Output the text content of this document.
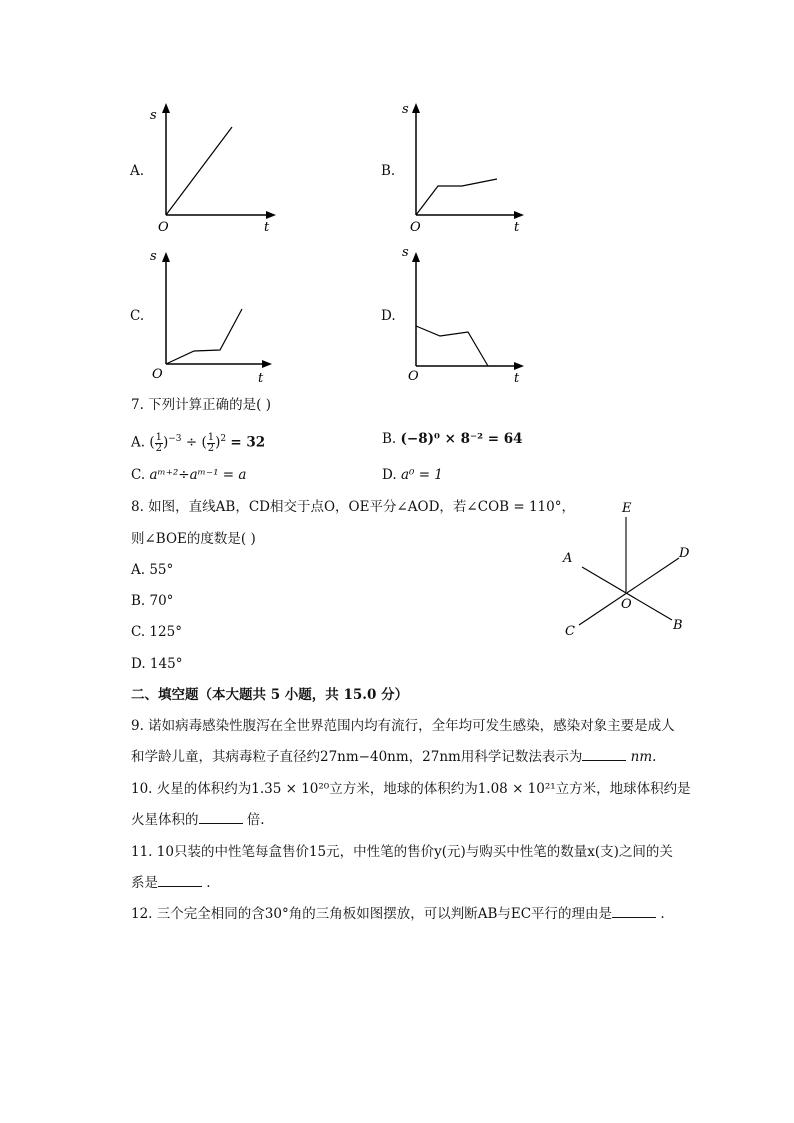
A.
s
O	t
B.
s
O	t
C.
s
O	t
D.
s
O	t
7. 下列计算正确的是( )
A. ( $\frac{1}{2} )^{-3}$ ÷ ( $\frac{1}{2} )^2 = 32$	B. (−8)⁰ × 8⁻² = 64
C. aᵐ⁺²÷aᵐ⁻¹ = a	D. a⁰ = 1
8. 如图，直线AB，CD相交于点O，OE平分∠AOD，若∠COB = 110°，
则∠BOE的度数是( )
A. 55°
B. 70°
C. 125°
D. 145°
E
A	D
O
C	B
二、填空题（本大题共 5 小题，共 15.0 分）
9. 诺如病毒感染性腹泻在全世界范围内均有流行，全年均可发生感染，感染对象主要是成人
和学龄儿童，其病毒粒子直径约27nm−40nm，27nm用科学记数法表示为	nm.
10. 火星的体积约为1.35 × 10²⁰立方米，地球的体积约为1.08 × 10²¹立方米，地球体积约是
火星体积的	倍.
11. 10只装的中性笔每盒售价15元，中性笔的售价y(元)与购买中性笔的数量x(支)之间的关
系是	.
12. 三个完全相同的含30°角的三角板如图摆放，可以判断AB与EC平行的理由是	.
